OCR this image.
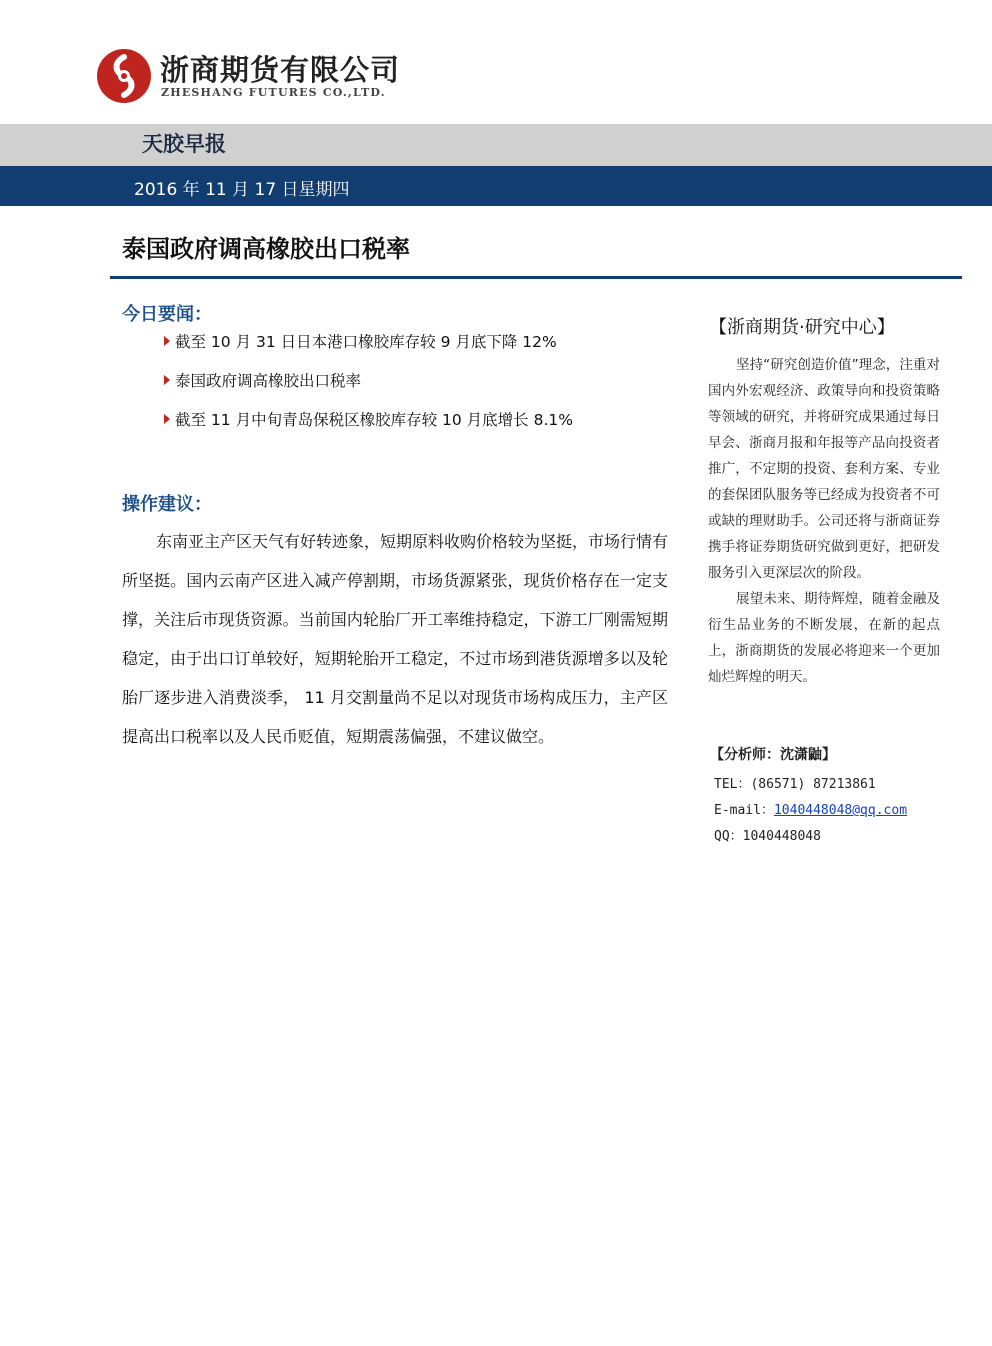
浙商期货有限公司
ZHESHANG FUTURES CO.,LTD.
天胶早报
2016 年 11 月 17 日星期四
泰国政府调高橡胶出口税率
今日要闻：
截至 10 月 31 日日本港口橡胶库存较 9 月底下降 12%
泰国政府调高橡胶出口税率
截至 11 月中旬青岛保税区橡胶库存较 10 月底增长 8.1%
操作建议：

东南亚主产区天气有好转迹象，短期原料收购价格较为坚挺，市场行情有所坚挺。国内云南产区进入减产停割期，市场货源紧张，现货价格存在一定支撑，关注后市现货资源。当前国内轮胎厂开工率维持稳定，下游工厂刚需短期稳定，由于出口订单较好，短期轮胎开工稳定，不过市场到港货源增多以及轮胎厂逐步进入消费淡季， 11 月交割量尚不足以对现货市场构成压力，主产区提高出口税率以及人民币贬值，短期震荡偏强，不建议做空。

【浙商期货·研究中心】

坚持“研究创造价值”理念，注重对国内外宏观经济、政策导向和投资策略等领域的研究，并将研究成果通过每日早会、浙商月报和年报等产品向投资者推广，不定期的投资、套利方案、专业的套保团队服务等已经成为投资者不可或缺的理财助手。公司还将与浙商证券携手将证券期货研究做到更好，把研发服务引入更深层次的阶段。

展望未来、期待辉煌，随着金融及衍生品业务的不断发展，在新的起点上，浙商期货的发展必将迎来一个更加灿烂辉煌的明天。

【分析师：沈潇鼬】
TEL：(86571) 87213861
E-mail：1040448048@qq.com
QQ：1040448048
